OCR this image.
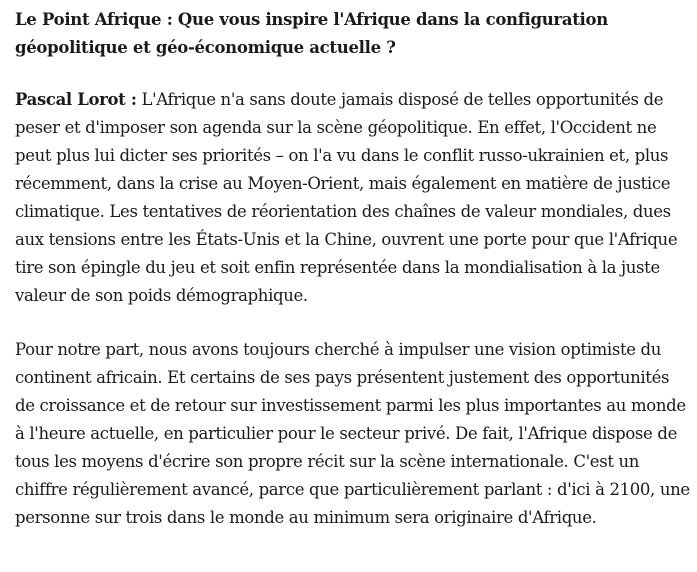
Le Point Afrique : Que vous inspire l'Afrique dans la configuration géopolitique et géo-économique actuelle ?

Pascal Lorot : L'Afrique n'a sans doute jamais disposé de telles opportunités de peser et d'imposer son agenda sur la scène géopolitique. En effet, l'Occident ne peut plus lui dicter ses priorités – on l'a vu dans le conflit russo-ukrainien et, plus récemment, dans la crise au Moyen-Orient, mais également en matière de justice climatique. Les tentatives de réorientation des chaînes de valeur mondiales, dues aux tensions entre les États-Unis et la Chine, ouvrent une porte pour que l'Afrique tire son épingle du jeu et soit enfin représentée dans la mondialisation à la juste valeur de son poids démographique.

Pour notre part, nous avons toujours cherché à impulser une vision optimiste du continent africain. Et certains de ses pays présentent justement des opportunités de croissance et de retour sur investissement parmi les plus importantes au monde à l'heure actuelle, en particulier pour le secteur privé. De fait, l'Afrique dispose de tous les moyens d'écrire son propre récit sur la scène internationale. C'est un chiffre régulièrement avancé, parce que particulièrement parlant : d'ici à 2100, une personne sur trois dans le monde au minimum sera originaire d'Afrique.
